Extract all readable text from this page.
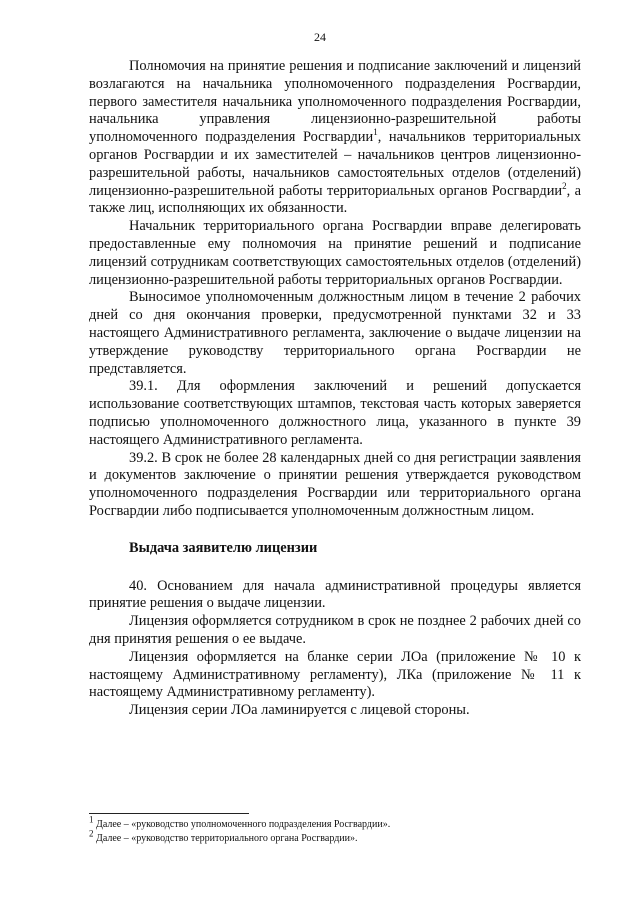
24

Полномочия на принятие решения и подписание заключений и лицензий возлагаются на начальника уполномоченного подразделения Росгвардии, первого заместителя начальника уполномоченного подразделения Росгвардии, начальника управления лицензионно-разрешительной работы уполномоченного подразделения Росгвардии$^1$, начальников территориальных органов Росгвардии и их заместителей – начальников центров лицензионно-разрешительной работы, начальников самостоятельных отделов (отделений) лицензионно-разрешительной работы территориальных органов Росгвардии$^2$, а также лиц, исполняющих их обязанности.

Начальник территориального органа Росгвардии вправе делегировать предоставленные ему полномочия на принятие решений и подписание лицензий сотрудникам соответствующих самостоятельных отделов (отделений) лицензионно-разрешительной работы территориальных органов Росгвардии.

Выносимое уполномоченным должностным лицом в течение 2 рабочих дней со дня окончания проверки, предусмотренной пунктами 32 и 33 настоящего Административного регламента, заключение о выдаче лицензии на утверждение руководству территориального органа Росгвардии не представляется.

39.1. Для оформления заключений и решений допускается использование соответствующих штампов, текстовая часть которых заверяется подписью уполномоченного должностного лица, указанного в пункте 39 настоящего Административного регламента.

39.2. В срок не более 28 календарных дней со дня регистрации заявления и документов заключение о принятии решения утверждается руководством уполномоченного подразделения Росгвардии или территориального органа Росгвардии либо подписывается уполномоченным должностным лицом.

Выдача заявителю лицензии

40. Основанием для начала административной процедуры является принятие решения о выдаче лицензии.

Лицензия оформляется сотрудником в срок не позднее 2 рабочих дней со дня принятия решения о ее выдаче.

Лицензия оформляется на бланке серии ЛОа (приложение № 10 к настоящему Административному регламенту), ЛКа (приложение № 11 к настоящему Административному регламенту).

Лицензия серии ЛОа ламинируется с лицевой стороны.

$^1$ Далее – «руководство уполномоченного подразделения Росгвардии».
$^2$ Далее – «руководство территориального органа Росгвардии».
